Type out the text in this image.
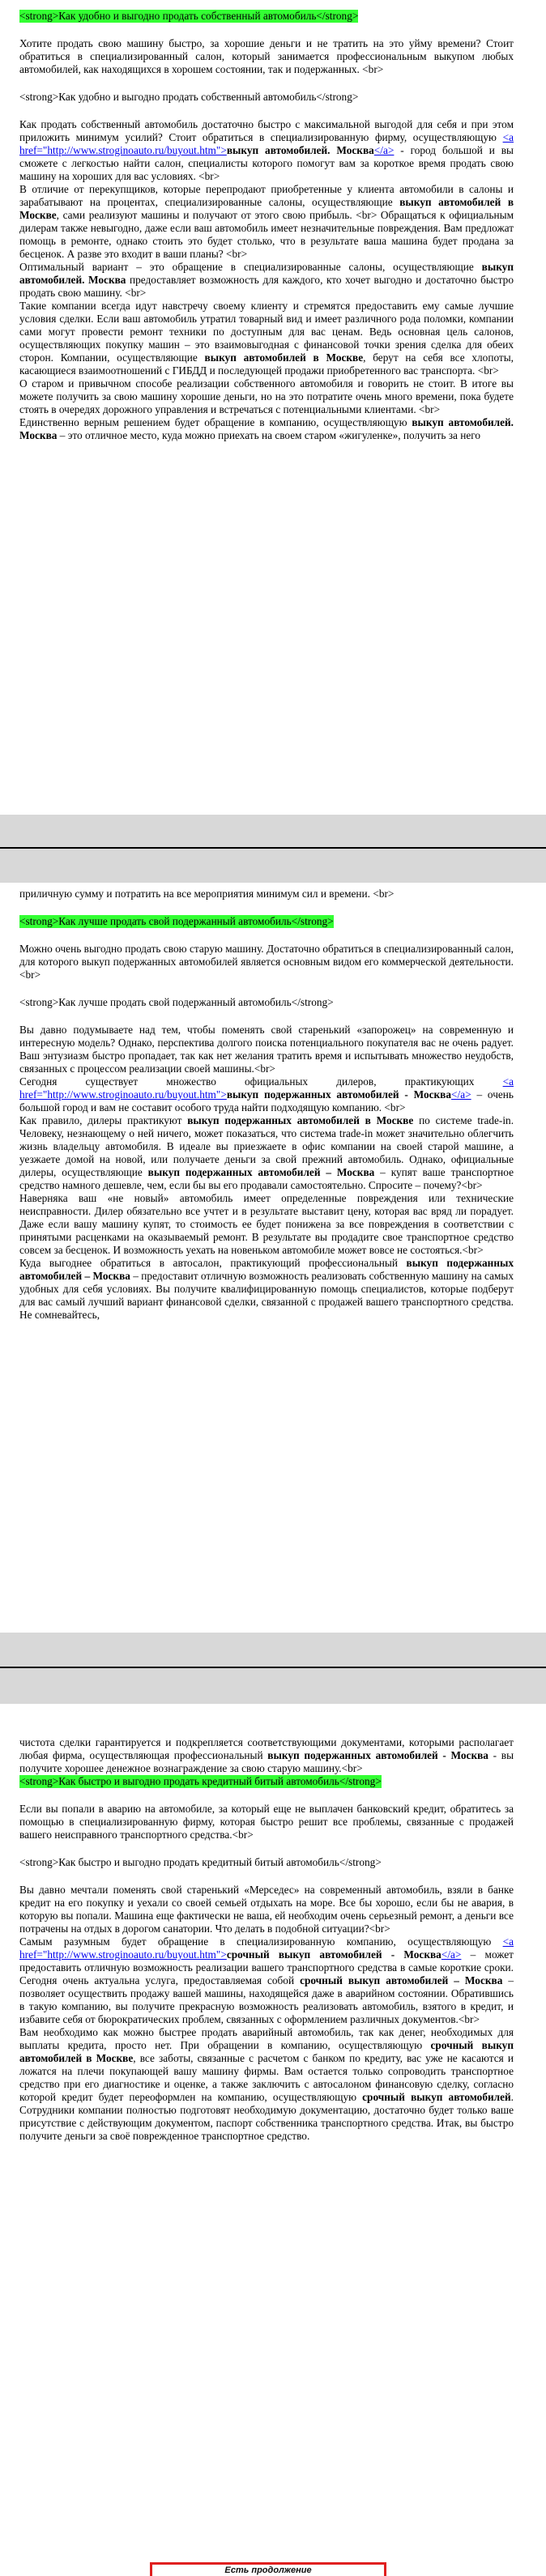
<strong>Как удобно и выгодно продать собственный автомобиль</strong>

Хотите продать свою машину быстро, за хорошие деньги и не тратить на это уйму времени? Стоит обратиться в специализированный салон, который занимается профессиональным выкупом любых автомобилей, как находящихся в хорошем состоянии, так и подержанных. <br>

<strong>Как удобно и выгодно продать собственный автомобиль</strong>

Как продать собственный автомобиль достаточно быстро с максимальной выгодой для себя и при этом приложить минимум усилий? Стоит обратиться в специализированную фирму, осуществляющую <a href="http://www.stroginoauto.ru/buyout.htm">выкуп автомобилей. Москва</a> - город большой и вы сможете с легкостью найти салон, специалисты которого помогут вам за короткое время продать свою машину на хороших для вас условиях. <br>

В отличие от перекупщиков, которые перепродают приобретенные у клиента автомобили в салоны и зарабатывают на процентах, специализированные салоны, осуществляющие выкуп автомобилей в Москве, сами реализуют машины и получают от этого свою прибыль. <br> Обращаться к официальным дилерам также невыгодно, даже если ваш автомобиль имеет незначительные повреждения. Вам предложат помощь в ремонте, однако стоить это будет столько, что в результате ваша машина будет продана за бесценок. А разве это входит в ваши планы? <br>

Оптимальный вариант – это обращение в специализированные салоны, осуществляющие выкуп автомобилей. Москва предоставляет возможность для каждого, кто хочет выгодно и достаточно быстро продать свою машину. <br>

Такие компании всегда идут навстречу своему клиенту и стремятся предоставить ему самые лучшие условия сделки. Если ваш автомобиль утратил товарный вид и имеет различного рода поломки, компании сами могут провести ремонт техники по доступным для вас ценам. Ведь основная цель салонов, осуществляющих покупку машин – это взаимовыгодная с финансовой точки зрения сделка для обеих сторон. Компании, осуществляющие выкуп автомобилей в Москве, берут на себя все хлопоты, касающиеся взаимоотношений с ГИБДД и последующей продажи приобретенного вас транспорта. <br>

О старом и привычном способе реализации собственного автомобиля и говорить не стоит. В итоге вы можете получить за свою машину хорошие деньги, но на это потратите очень много времени, пока будете стоять в очередях дорожного управления и встречаться с потенциальными клиентами. <br>

Единственно верным решением будет обращение в компанию, осуществляющую выкуп автомобилей. Москва – это отличное место, куда можно приехать на своем старом «жигуленке», получить за него

приличную сумму и потратить на все мероприятия минимум сил и времени. <br>

<strong>Как лучше продать свой подержанный автомобиль</strong>

Можно очень выгодно продать свою старую машину. Достаточно обратиться в специализированный салон, для которого выкуп подержанных автомобилей является основным видом его коммерческой деятельности.<br>

<strong>Как лучше продать свой подержанный автомобиль</strong>

Вы давно подумываете над тем, чтобы поменять свой старенький «запорожец» на современную и интересную модель? Однако, перспектива долгого поиска потенциального покупателя вас не очень радует. Ваш энтузиазм быстро пропадает, так как нет желания тратить время и испытывать множество неудобств, связанных с процессом реализации своей машины.<br>

Сегодня существует множество официальных дилеров, практикующих <a href="http://www.stroginoauto.ru/buyout.htm">выкуп подержанных автомобилей - Москва</a> – очень большой город и вам не составит особого труда найти подходящую компанию. <br>

Как правило, дилеры практикуют выкуп подержанных автомобилей в Москве по системе trade-in. Человеку, незнающему о ней ничего, может показаться, что система trade-in может значительно облегчить жизнь владельцу автомобиля. В идеале вы приезжаете в офис компании на своей старой машине, а уезжаете домой на новой, или получаете деньги за свой прежний автомобиль. Однако, официальные дилеры, осуществляющие выкуп подержанных автомобилей – Москва – купят ваше транспортное средство намного дешевле, чем, если бы вы его продавали самостоятельно. Спросите – почему?<br>

Наверняка ваш «не новый» автомобиль имеет определенные повреждения или технические неисправности. Дилер обязательно все учтет и в результате выставит цену, которая вас вряд ли порадует. Даже если вашу машину купят, то стоимость ее будет понижена за все повреждения в соответствии с принятыми расценками на оказываемый ремонт. В результате вы продадите свое транспортное средство совсем за бесценок. И возможность уехать на новеньком автомобиле может вовсе не состояться.<br>

Куда выгоднее обратиться в автосалон, практикующий профессиональный выкуп подержанных автомобилей – Москва – предоставит отличную возможность реализовать собственную машину на самых удобных для себя условиях. Вы получите квалифицированную помощь специалистов, которые подберут для вас самый лучший вариант финансовой сделки, связанной с продажей вашего транспортного средства. Не сомневайтесь,

чистота сделки гарантируется и подкрепляется соответствующими документами, которыми располагает любая фирма, осуществляющая профессиональный выкуп подержанных автомобилей - Москва - вы получите хорошее денежное вознаграждение за свою старую машину.<br>

<strong>Как быстро и выгодно продать кредитный битый автомобиль</strong>

Если вы попали в аварию на автомобиле, за который еще не выплачен банковский кредит, обратитесь за помощью в специализированную фирму, которая быстро решит все проблемы, связанные с продажей вашего неисправного транспортного средства.<br>

<strong>Как быстро и выгодно продать кредитный битый автомобиль</strong>

Вы давно мечтали поменять свой старенький «Мерседес» на современный автомобиль, взяли в банке кредит на его покупку и уехали со своей семьей отдыхать на море. Все бы хорошо, если бы не авария, в которую вы попали. Машина еще фактически не ваша, ей необходим очень серьезный ремонт, а деньги все потрачены на отдых в дорогом санатории. Что делать в подобной ситуации?<br>

Самым разумным будет обращение в специализированную компанию, осуществляющую <a href="http://www.stroginoauto.ru/buyout.htm">срочный выкуп автомобилей - Москва</a> – может предоставить отличную возможность реализации вашего транспортного средства в самые короткие сроки. Сегодня очень актуальна услуга, предоставляемая собой срочный выкуп автомобилей – Москва – позволяет осуществить продажу вашей машины, находящейся даже в аварийном состоянии. Обратившись в такую компанию, вы получите прекрасную возможность реализовать автомобиль, взятого в кредит, и избавите себя от бюрократических проблем, связанных с оформлением различных документов.<br>

Вам необходимо как можно быстрее продать аварийный автомобиль, так как денег, необходимых для выплаты кредита, просто нет. При обращении в компанию, осуществляющую срочный выкуп автомобилей в Москве, все заботы, связанные с расчетом с банком по кредиту, вас уже не касаются и ложатся на плечи покупающей вашу машину фирмы. Вам остается только сопроводить транспортное средство при его диагностике и оценке, а также заключить с автосалоном финансовую сделку, согласно которой кредит будет переоформлен на компанию, осуществляющую срочный выкуп автомобилей. Сотрудники компании полностью подготовят необходимую документацию, достаточно будет только ваше присутствие с действующим документом, паспорт собственника транспортного средства. Итак, вы быстро получите деньги за своё поврежденное транспортное средство.

Есть продолжение
